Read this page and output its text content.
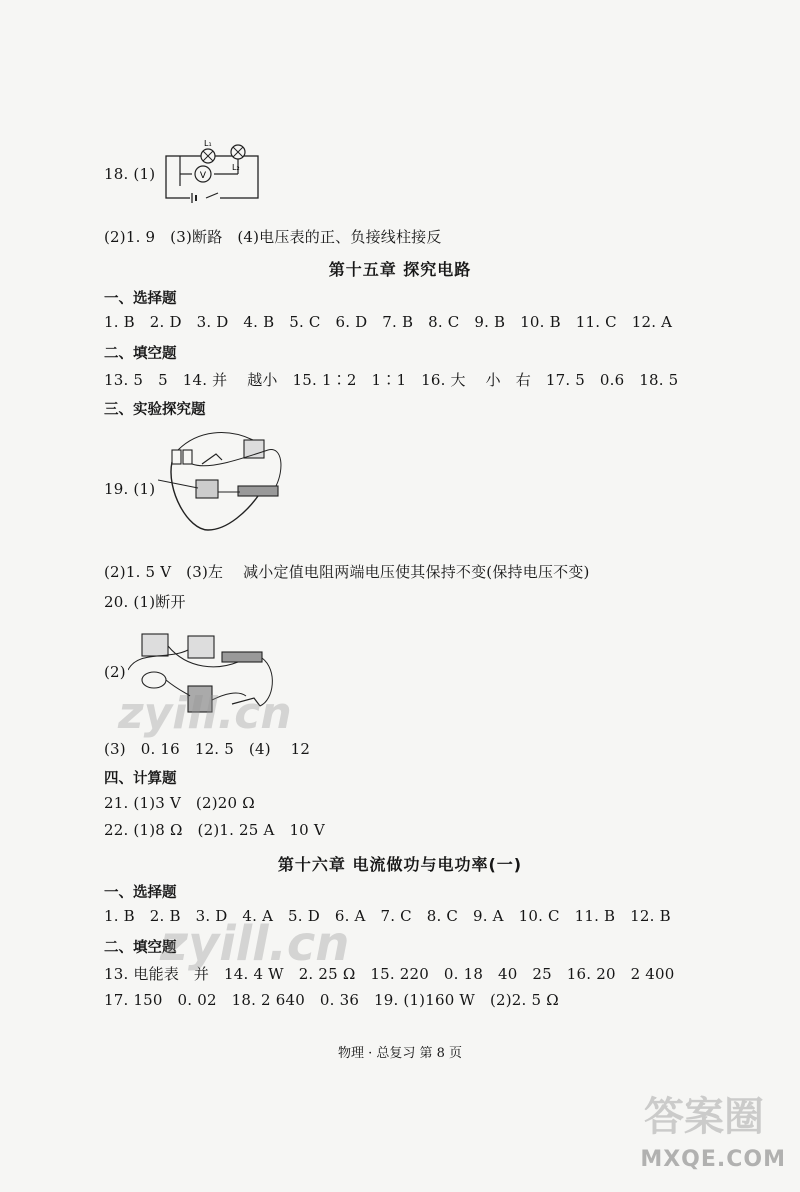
18. (1)	V
L₁
L₂
(2)1. 9   (3)断路   (4)电压表的正、负接线柱接反
第十五章 探究电路
一、选择题
1. B   2. D   3. D   4. B   5. C   6. D   7. B   8. C   9. B   10. B   11. C   12. A
二、填空题
13. 5   5   14. 并    越小   15. 1∶2   1∶1   16. 大    小   右   17. 5   0.6   18. 5
三、实验探究题
19. (1)
(2)1. 5 V   (3)左    减小定值电阻两端电压使其保持不变(保持电压不变)
20. (1)断开
(2)
(3)   0. 16   12. 5   (4)    12
四、计算题
21. (1)3 V   (2)20 Ω
22. (1)8 Ω   (2)1. 25 A   10 V
第十六章 电流做功与电功率(一)
一、选择题
1. B   2. B   3. D   4. A   5. D   6. A   7. C   8. C   9. A   10. C   11. B   12. B
二、填空题
13. 电能表   并   14. 4 W   2. 25 Ω   15. 220   0. 18   40   25   16. 20   2 400
17. 150   0. 02   18. 2 640   0. 36   19. (1)160 W   (2)2. 5 Ω
物理 · 总复习 第 8 页
zyill.cn
zyill.cn
答案圈
MXQE.COM
